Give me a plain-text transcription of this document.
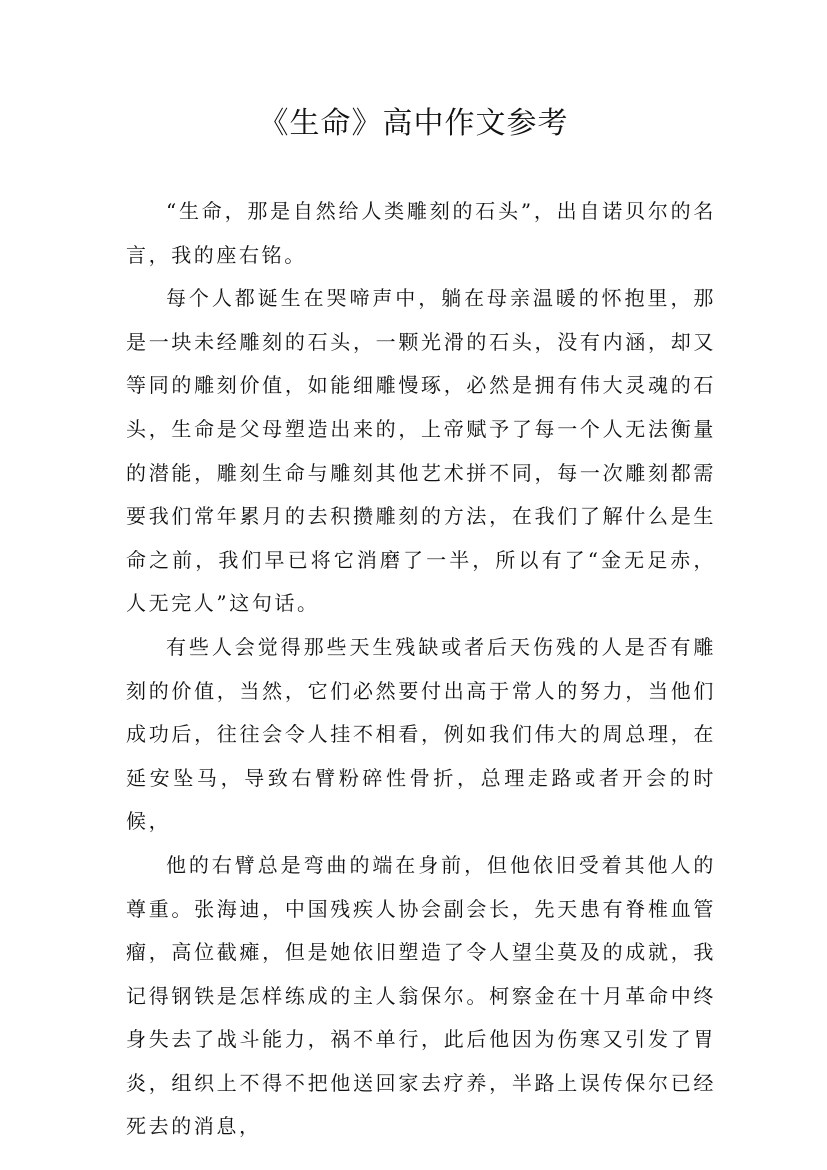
《生命》高中作文参考

“生命，那是自然给人类雕刻的石头”，出自诺贝尔的名言，我的座右铭。

每个人都诞生在哭啼声中，躺在母亲温暖的怀抱里，那是一块未经雕刻的石头，一颗光滑的石头，没有内涵，却又等同的雕刻价值，如能细雕慢琢，必然是拥有伟大灵魂的石头，生命是父母塑造出来的，上帝赋予了每一个人无法衡量的潜能，雕刻生命与雕刻其他艺术拼不同，每一次雕刻都需要我们常年累月的去积攒雕刻的方法，在我们了解什么是生命之前，我们早已将它消磨了一半，所以有了“金无足赤，人无完人”这句话。

有些人会觉得那些天生残缺或者后天伤残的人是否有雕刻的价值，当然，它们必然要付出高于常人的努力，当他们成功后，往往会令人挂不相看，例如我们伟大的周总理，在延安坠马，导致右臂粉碎性骨折，总理走路或者开会的时候，

他的右臂总是弯曲的端在身前，但他依旧受着其他人的尊重。张海迪，中国残疾人协会副会长，先天患有脊椎血管瘤，高位截瘫，但是她依旧塑造了令人望尘莫及的成就，我记得钢铁是怎样练成的主人翁保尔。柯察金在十月革命中终身失去了战斗能力，祸不单行，此后他因为伤寒又引发了胃炎，组织上不得不把他送回家去疗养，半路上误传保尔已经死去的消息，
